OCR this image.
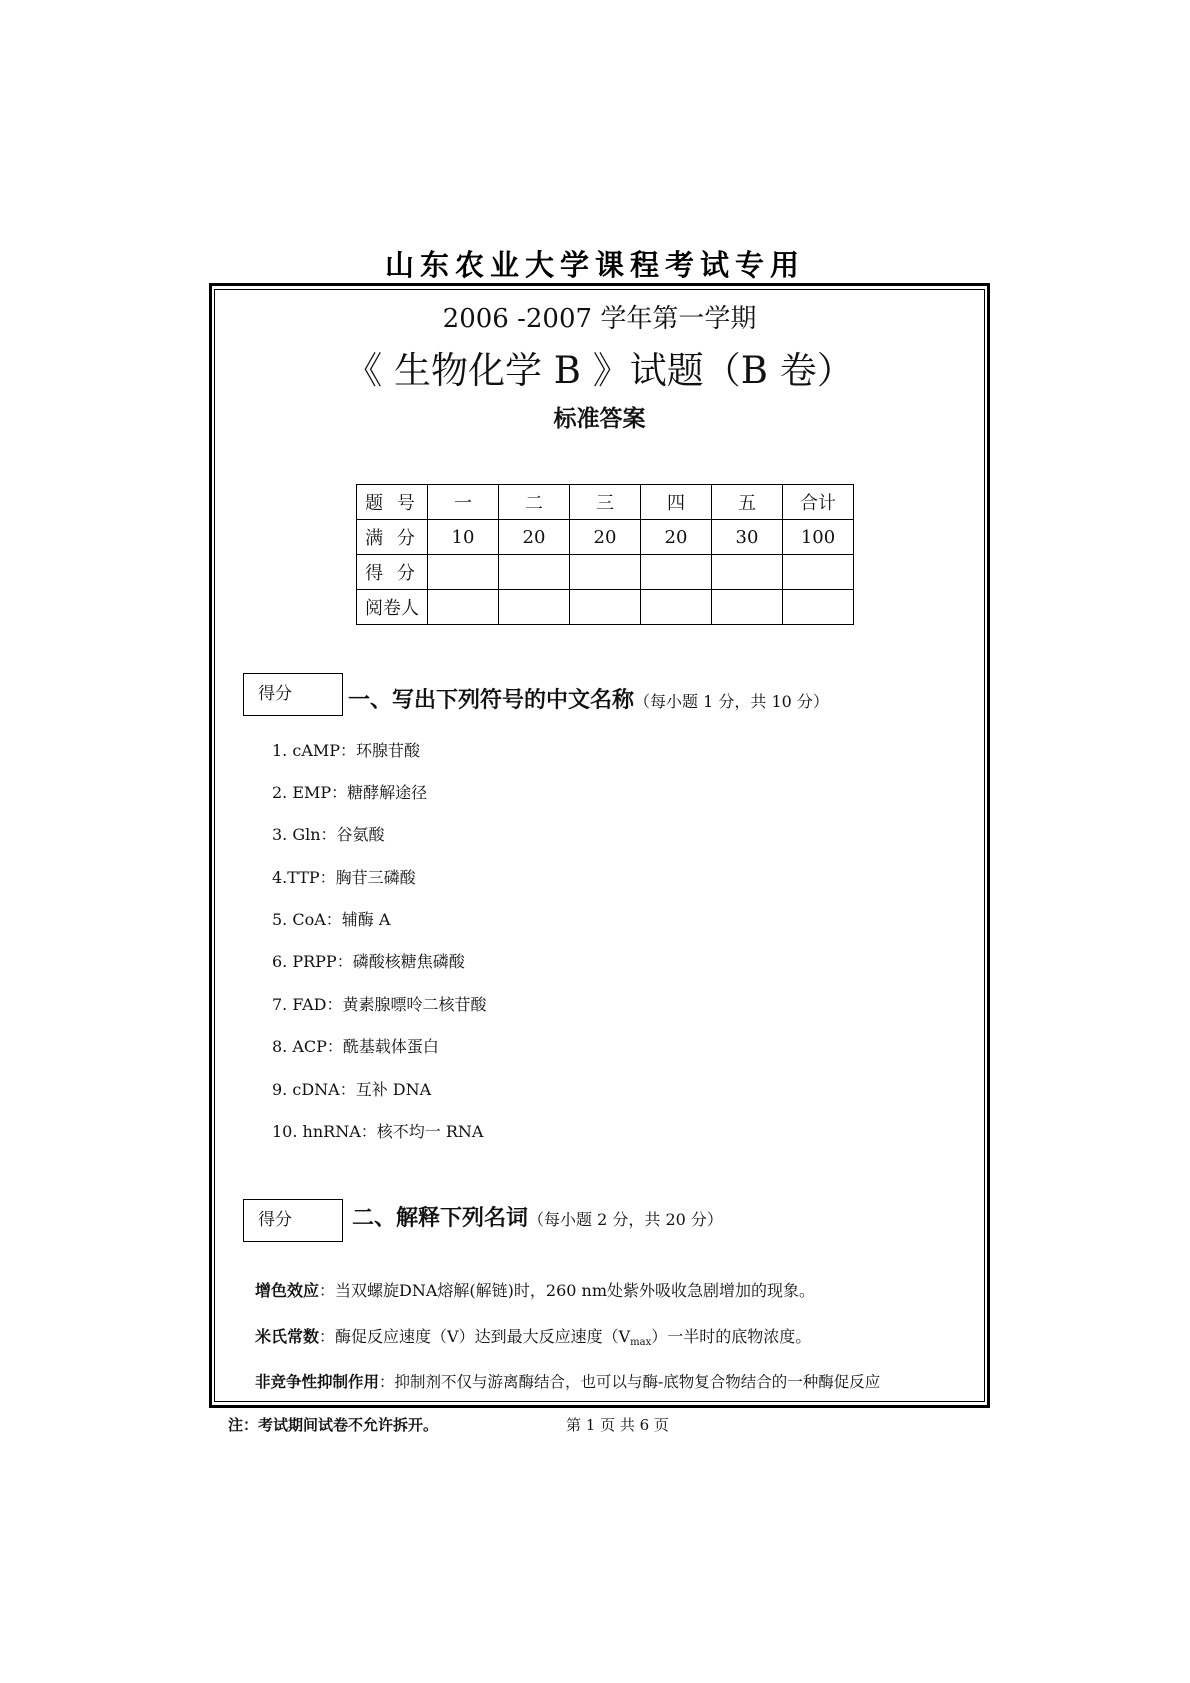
山东农业大学课程考试专用
2006 -2007 学年第一学期
《 生物化学 B 》试题（B 卷）
标准答案
题 号	一	二	三	四	五	合计
满 分	10	20	20	20	30	100
得 分						
阅卷人						
得分	一、写出下列符号的中文名称（每小题 1 分，共 10 分）
1. cAMP：环腺苷酸
2. EMP：糖酵解途径
3. Gln：谷氨酸
4.TTP：胸苷三磷酸
5. CoA：辅酶 A
6. PRPP：磷酸核糖焦磷酸
7. FAD：黄素腺嘌呤二核苷酸
8. ACP：酰基载体蛋白
9. cDNA：互补 DNA
10. hnRNA：核不均一 RNA
得分	二、解释下列名词（每小题 2 分，共 20 分）
增色效应：当双螺旋DNA熔解(解链)时，260 nm处紫外吸收急剧增加的现象。
米氏常数：酶促反应速度（V）达到最大反应速度$(V_{max})$一半时的底物浓度。
非竞争性抑制作用：抑制剂不仅与游离酶结合，也可以与酶-底物复合物结合的一种酶促反应
注：考试期间试卷不允许拆开。	第 1 页 共 6 页
